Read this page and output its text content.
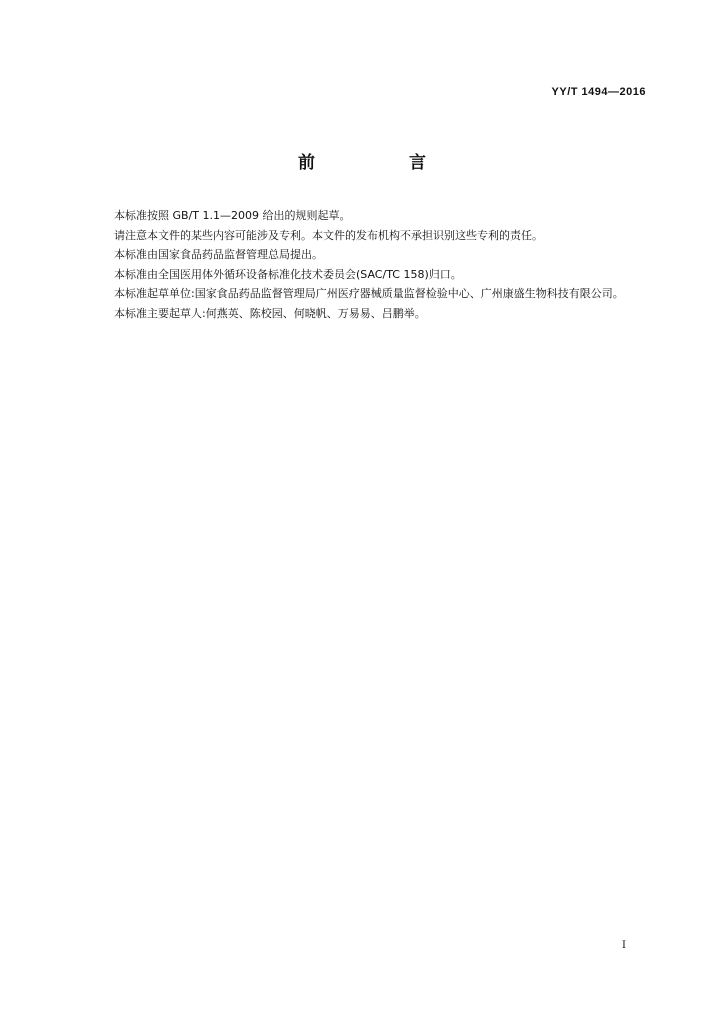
YY/T 1494—2016
前 言

本标准按照 GB/T 1.1—2009 给出的规则起草。

请注意本文件的某些内容可能涉及专利。本文件的发布机构不承担识别这些专利的责任。

本标准由国家食品药品监督管理总局提出。

本标准由全国医用体外循环设备标准化技术委员会(SAC/TC 158)归口。

本标准起草单位:国家食品药品监督管理局广州医疗器械质量监督检验中心、广州康盛生物科技有限公司。

本标准主要起草人:何燕英、陈校园、何晓帆、万易易、吕鹏举。

I
